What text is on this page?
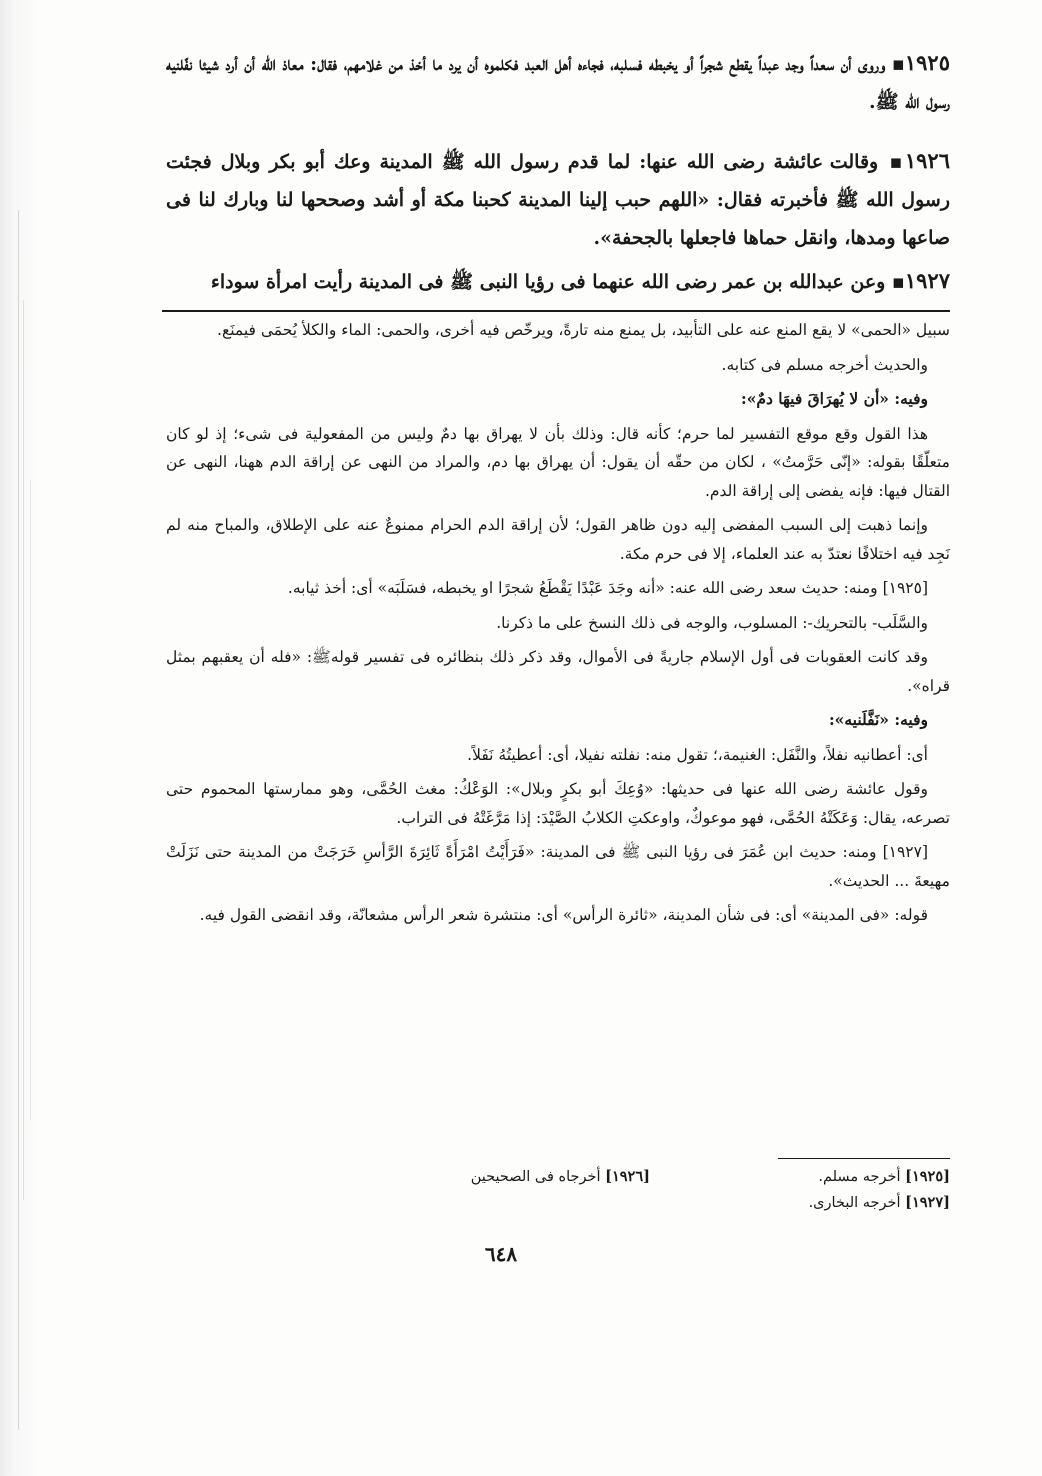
١٩٢٥▪ وروى أن سعداً وجد عبداً يقطع شجراً أو يخبطه فسلبه، فجاءه أهل العبد فكلموه أن يرد ما أخذ من غلامهم، فقال: معاذ الله أن أرد شيئا نفّلنيه رسول الله ﷺ.

١٩٢٦▪ وقالت عائشة رضى الله عنها: لما قدم رسول الله ﷺ المدينة وعك أبو بكر وبلال فجئت رسول الله ﷺ فأخبرته فقال: «اللهم حبب إلينا المدينة كحبنا مكة أو أشد وصححها لنا وبارك لنا فى صاعها ومدها، وانقل حماها فاجعلها بالجحفة».

١٩٢٧▪ وعن عبدالله بن عمر رضى الله عنهما فى رؤيا النبى ﷺ فى المدينة رأيت امرأة سوداء

سبيل «الحمى» لا يقع المنع عنه على التأبيد، بل يمنع منه تارةً، ويرخّص فيه أخرى، والحمى: الماء والكلأ يُحمَى فيمنَع.

والحديث أخرجه مسلم فى كتابه.

وفيه: «أن لا يُهرَاقَ فيهَا دمٌ»:

هذا القول وقع موقع التفسير لما حرم؛ كأنه قال: وذلك بأن لا يهراق بها دمٌ وليس من المفعولية فى شىء؛ إذ لو كان متعلّقًا بقوله: «إنّى حَرَّمتُ» ، لكان من حقّه أن يقول: أن يهراق بها دم، والمراد من النهى عن إراقة الدم ههنا، النهى عن القتال فيها: فإنه يفضى إلى إراقة الدم.

وإنما ذهبت إلى السبب المفضى إليه دون ظاهر القول؛ لأن إراقة الدم الحرام ممنوعٌ عنه على الإطلاق، والمباح منه لم نَجِد فيه اختلافًا نعتدّ به عند العلماء، إلا فى حرم مكة.

[١٩٢٥] ومنه: حديث سعد رضى الله عنه: «أنه وجَدَ عَبْدًا يَقْطَعُ شجرًا او يخبطه، فسَلَبَه» أى: أخذ ثيابه.

والسَّلَب- بالتحريك-: المسلوب، والوجه فى ذلك النسخ على ما ذكرنا.

وقد كانت العقوبات فى أول الإسلام جاريةً فى الأموال، وقد ذكر ذلك بنظائره فى تفسير قولهﷺ: «فله أن يعقبهم بمثل قراه».

وفيه: «نَفَّلَنيه»:

أى: أعطانيه نفلاً، والنَّفَل: الغنيمة،؛ تقول منه: نفلته نفيلا، أى: أعطيتُهُ نَفَلاً.

وقول عائشة رضى الله عنها فى حديثها: «وُعِكَ أبو بكرٍ وبلال»: الوَعْكُ: مغث الحُمَّى، وهو ممارستها المحموم حتى تصرعه، يقال: وَعَكَتْهُ الحُمَّى، فهو موعوكٌ، واوعكتِ الكلابُ الصَّيْدَ: إذا مَرَّغَتْهُ فى التراب.

[١٩٢٧] ومنه: حديث ابن عُمَرَ فى رؤيا النبى ﷺ فى المدينة: «فَرَأَيْتُ امْرَأَةً ثَائِرَةَ الرَّأسِ خَرَجَتْ من المدينة حتى نَزَلَتْ مهيعةَ ... الحديث».

قوله: «فى المدينة» أى: فى شأن المدينة، «ثائرة الرأس» أى: منتشرة شعر الرأس مشعانّة، وقد انقضى القول فيه.

[١٩٢٥] أخرجه مسلم.
[١٩٢٦] أخرجاه فى الصحيحين
[١٩٢٧] أخرجه البخارى.
٦٤٨
